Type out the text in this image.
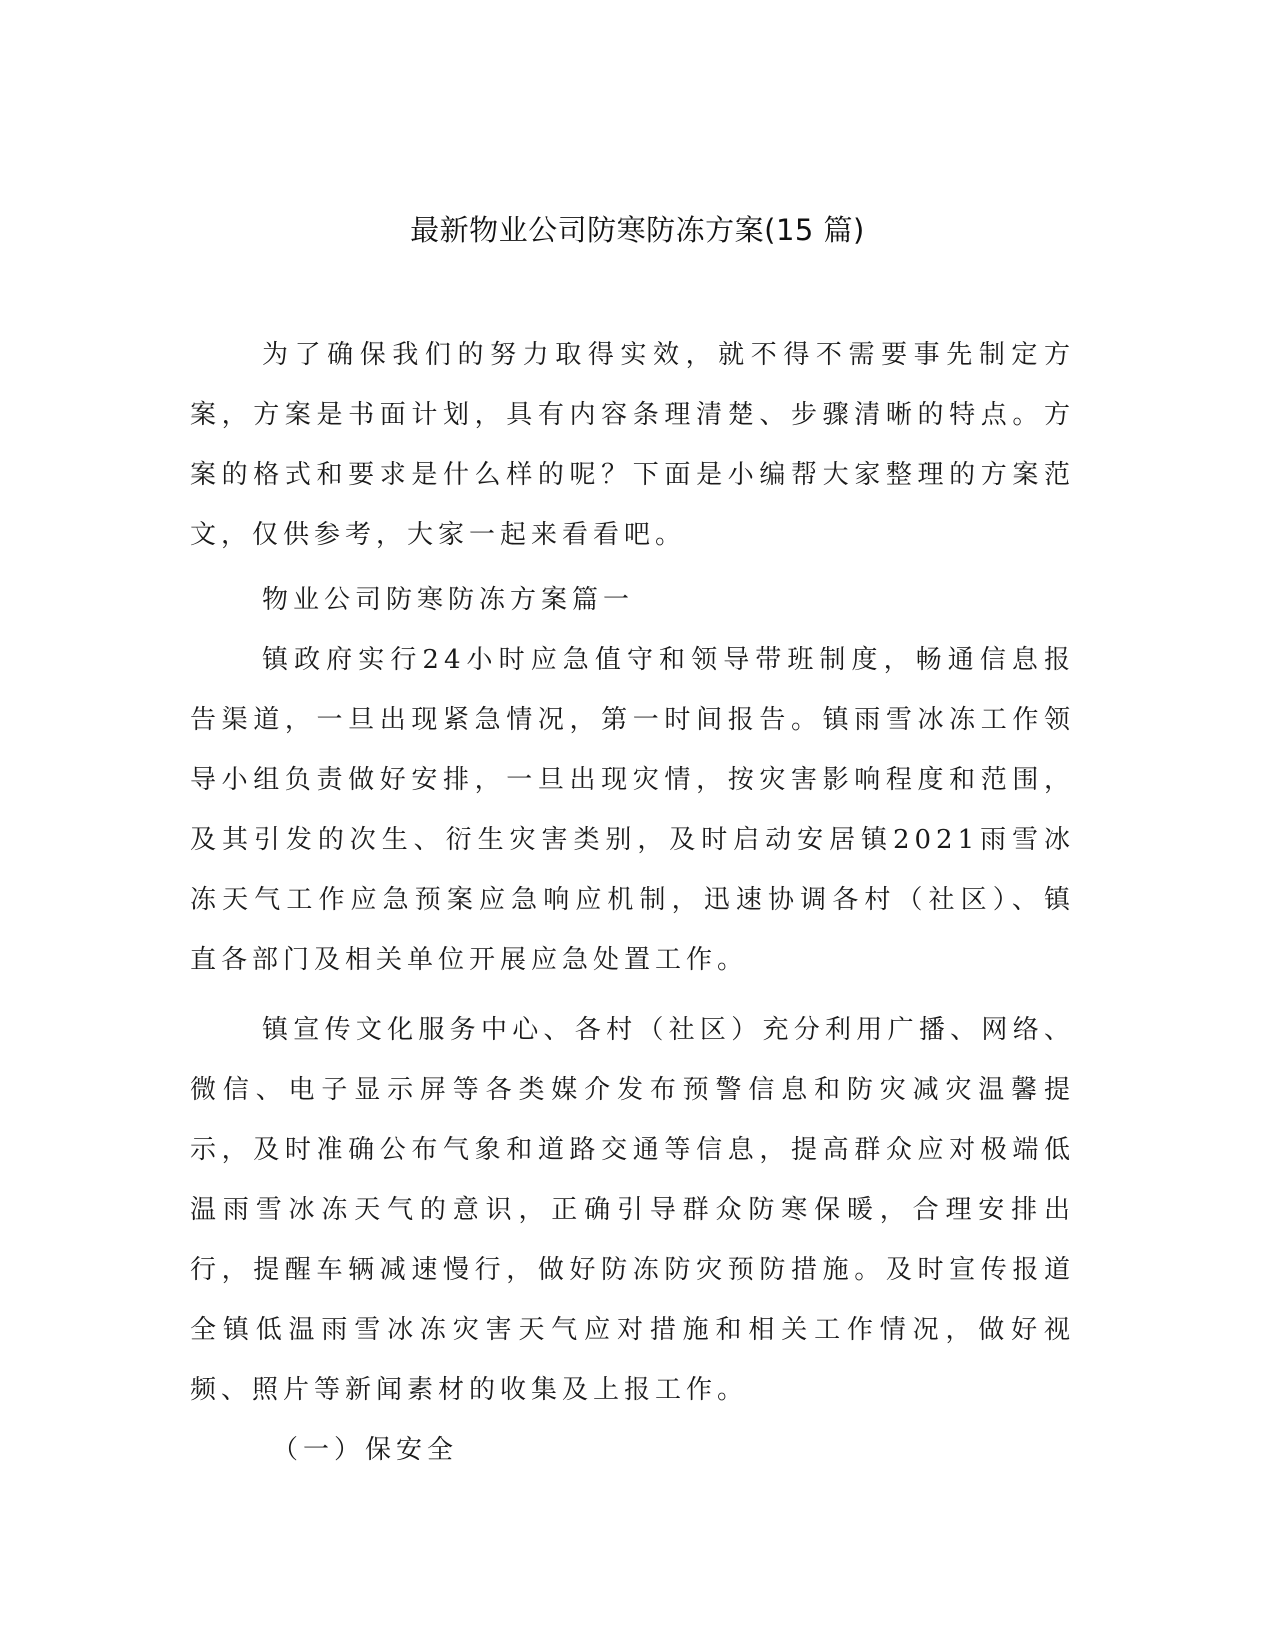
最新物业公司防寒防冻方案(15 篇)

为了确保我们的努力取得实效，就不得不需要事先制定方案，方案是书面计划，具有内容条理清楚、步骤清晰的特点。方案的格式和要求是什么样的呢？下面是小编帮大家整理的方案范文，仅供参考，大家一起来看看吧。

物业公司防寒防冻方案篇一

镇政府实行24小时应急值守和领导带班制度，畅通信息报告渠道，一旦出现紧急情况，第一时间报告。镇雨雪冰冻工作领导小组负责做好安排，一旦出现灾情，按灾害影响程度和范围，及其引发的次生、衍生灾害类别，及时启动安居镇2021雨雪冰冻天气工作应急预案应急响应机制，迅速协调各村（社区）、镇直各部门及相关单位开展应急处置工作。

镇宣传文化服务中心、各村（社区）充分利用广播、网络、微信、电子显示屏等各类媒介发布预警信息和防灾减灾温馨提示，及时准确公布气象和道路交通等信息，提高群众应对极端低温雨雪冰冻天气的意识，正确引导群众防寒保暖，合理安排出行，提醒车辆减速慢行，做好防冻防灾预防措施。及时宣传报道全镇低温雨雪冰冻灾害天气应对措施和相关工作情况，做好视频、照片等新闻素材的收集及上报工作。

（一）保安全
